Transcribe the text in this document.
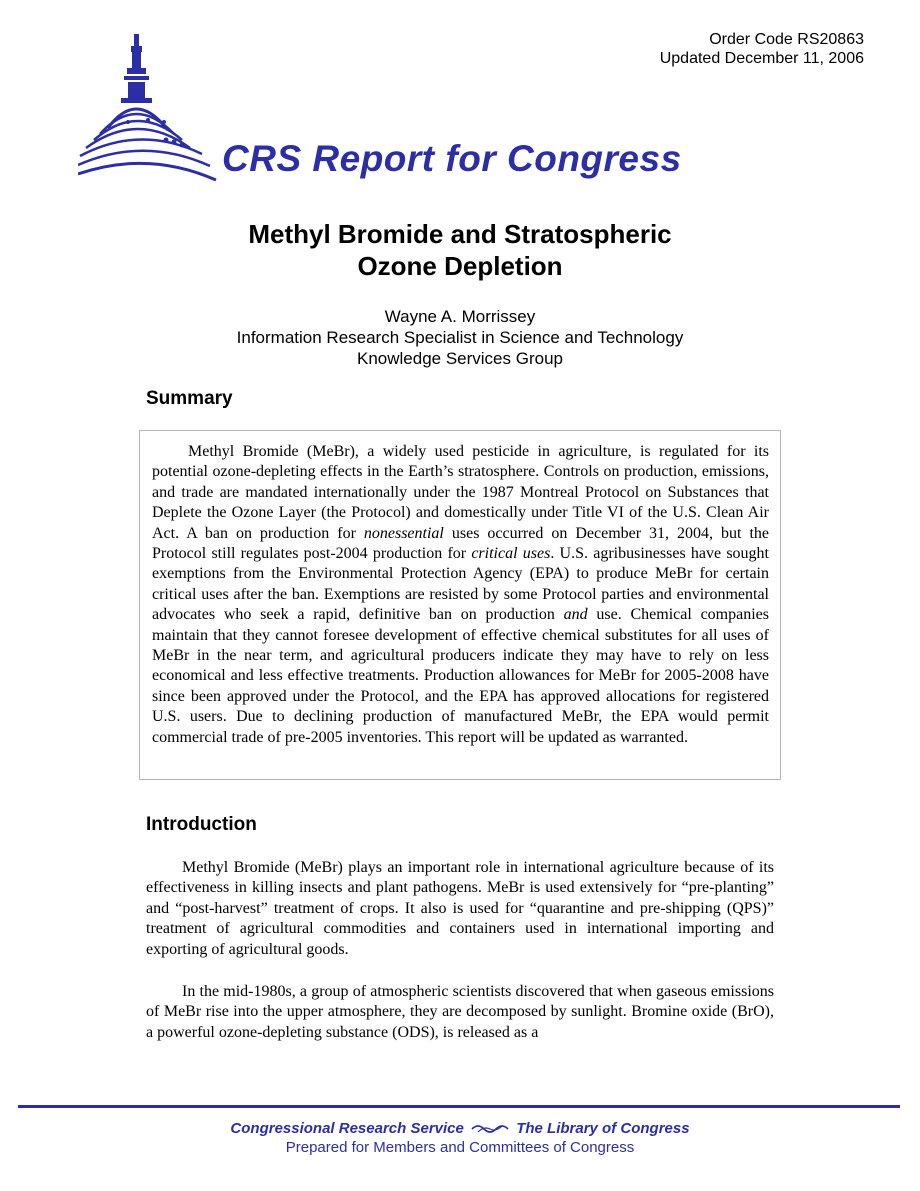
Order Code RS20863
Updated December 11, 2006
CRS Report for Congress
Methyl Bromide and Stratospheric
Ozone Depletion
Wayne A. Morrissey
Information Research Specialist in Science and Technology
Knowledge Services Group
Summary

Methyl Bromide (MeBr), a widely used pesticide in agriculture, is regulated for its potential ozone-depleting effects in the Earth’s stratosphere. Controls on production, emissions, and trade are mandated internationally under the 1987 Montreal Protocol on Substances that Deplete the Ozone Layer (the Protocol) and domestically under Title VI of the U.S. Clean Air Act. A ban on production for nonessential uses occurred on December 31, 2004, but the Protocol still regulates post-2004 production for critical uses. U.S. agribusinesses have sought exemptions from the Environmental Protection Agency (EPA) to produce MeBr for certain critical uses after the ban. Exemptions are resisted by some Protocol parties and environmental advocates who seek a rapid, definitive ban on production and use. Chemical companies maintain that they cannot foresee development of effective chemical substitutes for all uses of MeBr in the near term, and agricultural producers indicate they may have to rely on less economical and less effective treatments. Production allowances for MeBr for 2005-2008 have since been approved under the Protocol, and the EPA has approved allocations for registered U.S. users. Due to declining production of manufactured MeBr, the EPA would permit commercial trade of pre-2005 inventories. This report will be updated as warranted.

Introduction

Methyl Bromide (MeBr) plays an important role in international agriculture because of its effectiveness in killing insects and plant pathogens. MeBr is used extensively for “pre-planting” and “post-harvest” treatment of crops. It also is used for “quarantine and pre-shipping (QPS)” treatment of agricultural commodities and containers used in international importing and exporting of agricultural goods.

In the mid-1980s, a group of atmospheric scientists discovered that when gaseous emissions of MeBr rise into the upper atmosphere, they are decomposed by sunlight. Bromine oxide (BrO), a powerful ozone-depleting substance (ODS), is released as a

Congressional Research Service	The Library of Congress
Prepared for Members and Committees of Congress
